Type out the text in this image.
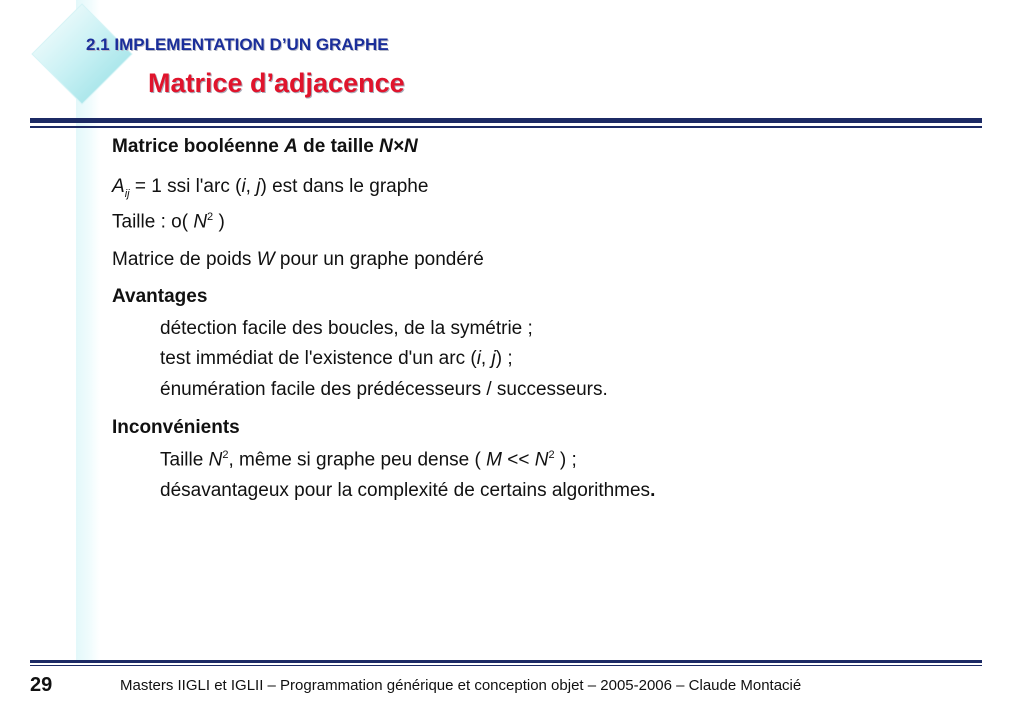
2.1 IMPLEMENTATION D’UN GRAPHE
Matrice d’adjacence
Matrice booléenne A de taille N×N
$A_{ij} = 1$ ssi l'arc (i, j) est dans le graphe
Taille : o( $N^2$ )
Matrice de poids W pour un graphe pondéré
Avantages
détection facile des boucles, de la symétrie ;
test immédiat de l'existence d'un arc (i, j) ;
énumération facile des prédécesseurs / successeurs.
Inconvénients
Taille $N^2$, même si graphe peu dense ( $M << N^2$ ) ;
désavantageux pour la complexité de certains algorithmes.
29	Masters IIGLI et IGLII – Programmation générique et conception objet – 2005-2006 – Claude Montacié
